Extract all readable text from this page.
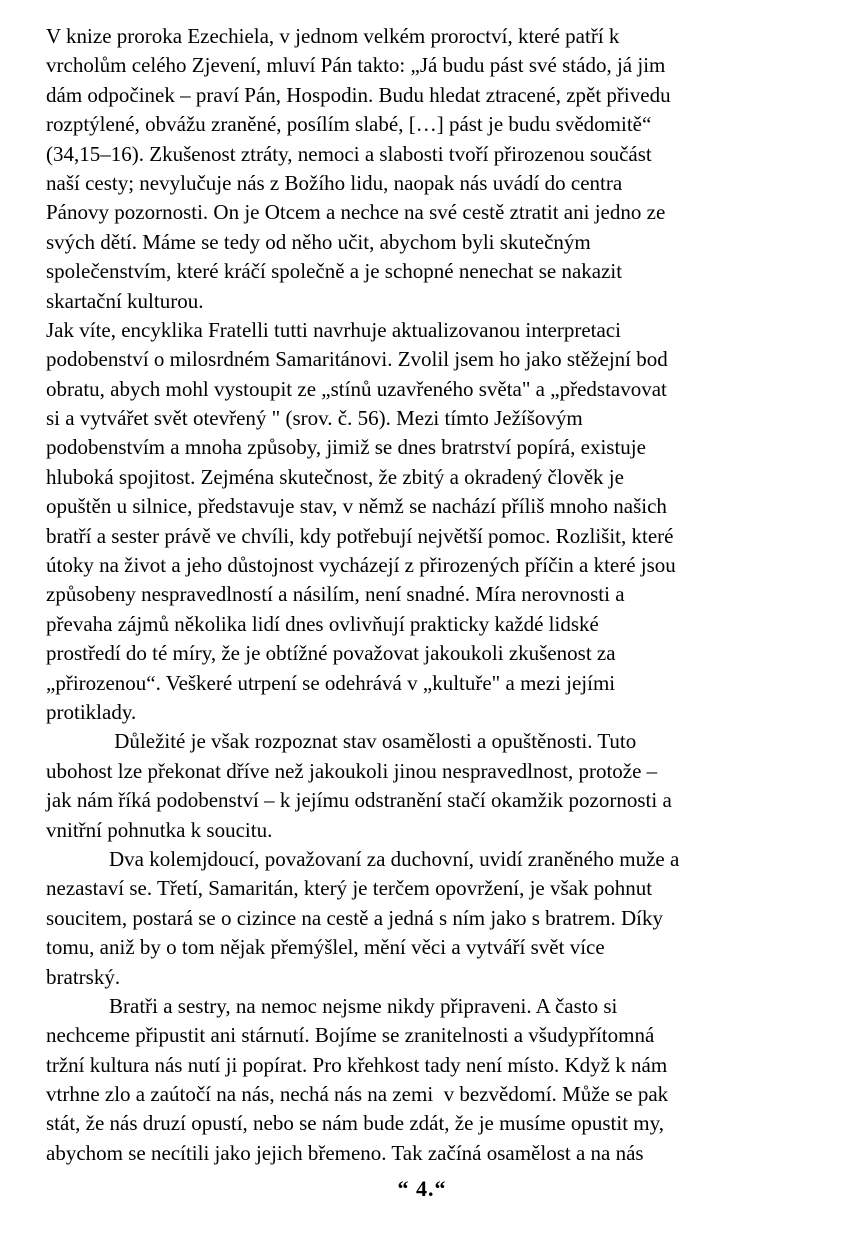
V knize proroka Ezechiela, v jednom velkém proroctví, které patří k
vrcholům celého Zjevení, mluví Pán takto: „Já budu pást své stádo, já jim
dám odpočinek – praví Pán, Hospodin. Budu hledat ztracené, zpět přivedu
rozptýlené, obvážu zraněné, posílím slabé, […] pást je budu svědomitě“
(34,15–16). Zkušenost ztráty, nemoci a slabosti tvoří přirozenou součást
naší cesty; nevylučuje nás z Božího lidu, naopak nás uvádí do centra
Pánovy pozornosti. On je Otcem a nechce na své cestě ztratit ani jedno ze
svých dětí. Máme se tedy od něho učit, abychom byli skutečným
společenstvím, které kráčí společně a je schopné nenechat se nakazit
skartační kulturou.
Jak víte, encyklika Fratelli tutti navrhuje aktualizovanou interpretaci
podobenství o milosrdném Samaritánovi. Zvolil jsem ho jako stěžejní bod
obratu, abych mohl vystoupit ze „stínů uzavřeného světa" a „představovat
si a vytvářet svět otevřený " (srov. č. 56). Mezi tímto Ježíšovým
podobenstvím a mnoha způsoby, jimiž se dnes bratrství popírá, existuje
hluboká spojitost. Zejména skutečnost, že zbitý a okradený člověk je
opuštěn u silnice, představuje stav, v němž se nachází příliš mnoho našich
bratří a sester právě ve chvíli, kdy potřebují největší pomoc. Rozlišit, které
útoky na život a jeho důstojnost vycházejí z přirozených příčin a které jsou
způsobeny nespravedlností a násilím, není snadné. Míra nerovnosti a
převaha zájmů několika lidí dnes ovlivňují prakticky každé lidské
prostředí do té míry, že je obtížné považovat jakoukoli zkušenost za
„přirozenou“. Veškeré utrpení se odehrává v „kultuře" a mezi jejími
protiklady.
Důležité je však rozpoznat stav osamělosti a opuštěnosti. Tuto
ubohost lze překonat dříve než jakoukoli jinou nespravedlnost, protože –
jak nám říká podobenství – k jejímu odstranění stačí okamžik pozornosti a
vnitřní pohnutka k soucitu.
Dva kolemjdoucí, považovaní za duchovní, uvidí zraněného muže a
nezastaví se. Třetí, Samaritán, který je terčem opovržení, je však pohnut
soucitem, postará se o cizince na cestě a jedná s ním jako s bratrem. Díky
tomu, aniž by o tom nějak přemýšlel, mění věci a vytváří svět více
bratrský.
Bratři a sestry, na nemoc nejsme nikdy připraveni. A často si
nechceme připustit ani stárnutí. Bojíme se zranitelnosti a všudypřítomná
tržní kultura nás nutí ji popírat. Pro křehkost tady není místo. Když k nám
vtrhne zlo a zaútočí na nás, nechá nás na zemi  v bezvědomí. Může se pak
stát, že nás druzí opustí, nebo se nám bude zdát, že je musíme opustit my,
abychom se necítili jako jejich břemeno. Tak začíná osamělost a na nás
“ 4.“
